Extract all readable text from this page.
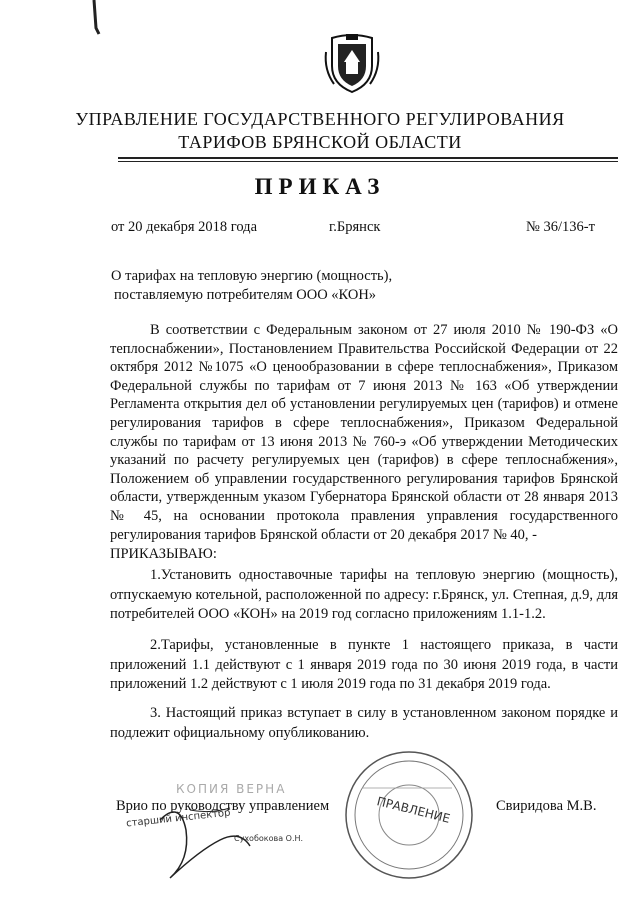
УПРАВЛЕНИЕ ГОСУДАРСТВЕННОГО РЕГУЛИРОВАНИЯ
ТАРИФОВ БРЯНСКОЙ ОБЛАСТИ
ПРИКАЗ
от 20 декабря 2018 года	г.Брянск	№ 36/136-т
О тарифах на тепловую энергию (мощность),
поставляемую потребителям ООО «КОН»
В соответствии с Федеральным законом от 27 июля 2010 № 190-ФЗ «О теплоснабжении», Постановлением Правительства Российской Федерации от 22 октября 2012 №1075 «О ценообразовании в сфере теплоснабжения», Приказом Федеральной службы по тарифам от 7 июня 2013 № 163 «Об утверждении Регламента открытия дел об установлении регулируемых цен (тарифов) и отмене регулирования тарифов в сфере теплоснабжения», Приказом Федеральной службы по тарифам от 13 июня 2013 № 760-э «Об утверждении Методических указаний по расчету регулируемых цен (тарифов) в сфере теплоснабжения», Положением об управлении государственного регулирования тарифов Брянской области, утвержденным указом Губернатора Брянской области от 28 января 2013 № 45, на основании протокола правления управления государственного регулирования тарифов Брянской области от 20 декабря 2017 № 40, -
ПРИКАЗЫВАЮ:
1.Установить одноставочные тарифы на тепловую энергию (мощность), отпускаемую котельной, расположенной по адресу: г.Брянск, ул. Степная, д.9, для потребителей ООО «КОН» на 2019 год согласно приложениям 1.1-1.2.
2.Тарифы, установленные в пункте 1 настоящего приказа, в части приложений 1.1 действуют с 1 января 2019 года по 30 июня 2019 года, в части приложений 1.2 действуют с 1 июля 2019 года по 31 декабря 2019 года.
3. Настоящий приказ вступает в силу в установленном законом порядке и подлежит официальному опубликованию.
Врио по руководству управлением	Свиридова М.В.
ПРАВЛЕНИЕ
КОПИЯ ВЕРНА
старший инспектор
Сухобокова О.Н.
